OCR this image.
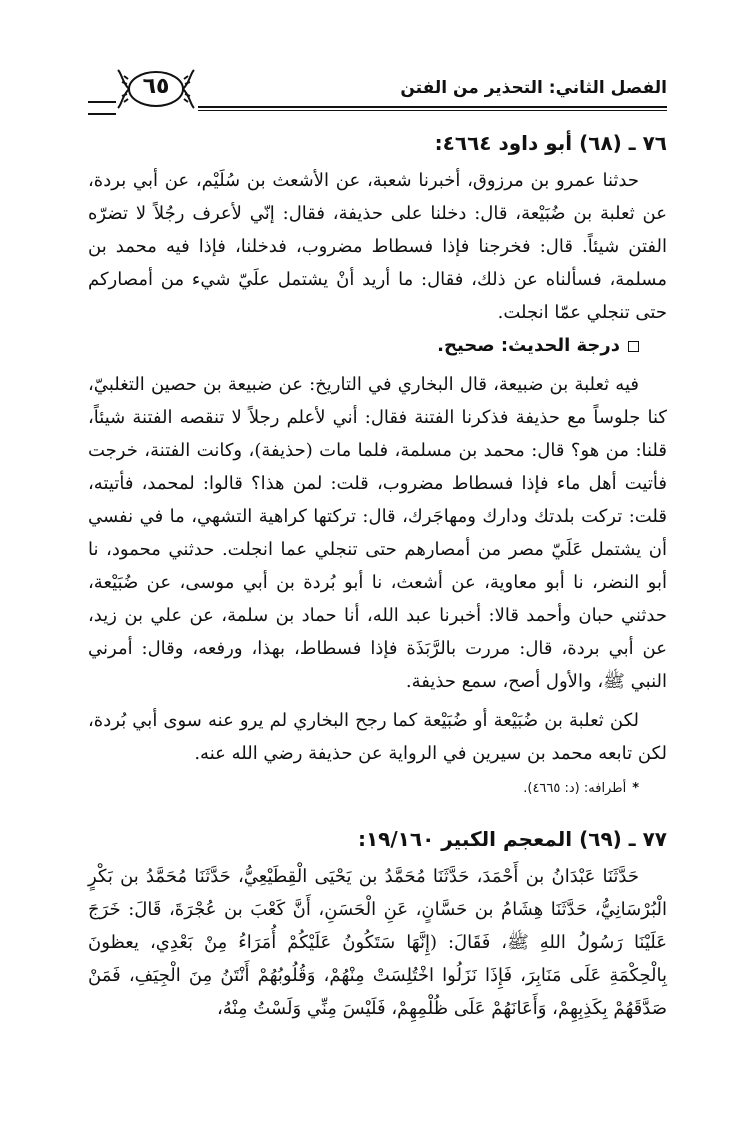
الفصل الثاني: التحذير من الفتن
٦٥
٧٦ ـ (٦٨) أبو داود ٤٦٦٤:

حدثنا عمرو بن مرزوق، أخبرنا شعبة، عن الأشعث بن سُلَيْم، عن أبي بردة، عن ثعلبة بن ضُبَيْعة، قال: دخلنا على حذيفة، فقال: إنّي لأعرف رجُلاً لا تضرّه الفتن شيئاً. قال: فخرجنا فإذا فسطاط مضروب، فدخلنا، فإذا فيه محمد بن مسلمة، فسألناه عن ذلك، فقال: ما أريد أنْ يشتمل علَيّ شيء من أمصاركم حتى تنجلي عمّا انجلت.

درجة الحديث: صحيح.

فيه ثعلبة بن ضبيعة، قال البخاري في التاريخ: عن ضبيعة بن حصين التغلبيّ، كنا جلوساً مع حذيفة فذكرنا الفتنة فقال: أني لأعلم رجلاً لا تنقصه الفتنة شيئاً، قلنا: من هو؟ قال: محمد بن مسلمة، فلما مات (حذيفة)، وكانت الفتنة، خرجت فأتيت أهل ماء فإذا فسطاط مضروب، قلت: لمن هذا؟ قالوا: لمحمد، فأتيته، قلت: تركت بلدتك ودارك ومهاجَرك، قال: تركتها كراهية التشهي، ما في نفسي أن يشتمل عَلَيّ مصر من أمصارهم حتى تنجلي عما انجلت. حدثني محمود، نا أبو النضر، نا أبو معاوية، عن أشعث، نا أبو بُردة بن أبي موسى، عن ضُبَيْعة، حدثني حبان وأحمد قالا: أخبرنا عبد الله، أنا حماد بن سلمة، عن علي بن زيد، عن أبي بردة، قال: مررت بالرَّبَذَة فإذا فسطاط، بهذا، ورفعه، وقال: أمرني النبي ﷺ، والأول أصح، سمع حذيفة.

لكن ثعلبة بن ضُبَيْعة أو ضُبَيْعة كما رجح البخاري لم يرو عنه سوى أبي بُردة، لكن تابعه محمد بن سيرين في الرواية عن حذيفة رضي الله عنه.

*أطرافه: (د: ٤٦٦٥).

٧٧ ـ (٦٩) المعجم الكبير ١٩/١٦٠:

حَدَّثَنَا عَبْدَانُ بن أَحْمَدَ، حَدَّثَنَا مُحَمَّدُ بن يَحْيَى الْقِطَيْعِيُّ، حَدَّثَنَا مُحَمَّدُ بن بَكْرٍ الْبُرْسَانِيُّ، حَدَّثَنَا هِشَامُ بن حَسَّانٍ، عَنِ الْحَسَنِ، أَنَّ كَعْبَ بن عُجْرَةَ، قَالَ: خَرَجَ عَلَيْنَا رَسُولُ اللهِ ﷺ، فَقَالَ: (إِنَّهَا سَتَكُونُ عَلَيْكُمْ أُمَرَاءُ مِنْ بَعْدِي، يعظونَ بِالْحِكْمَةِ عَلَى مَنَابِرَ، فَإِذَا نَزَلُوا اخْتُلِسَتْ مِنْهُمْ، وَقُلُوبُهُمْ أَنْتَنُ مِنَ الْجِيَفِ، فَمَنْ صَدَّقَهُمْ بِكَذِبِهِمْ، وَأَعَانَهُمْ عَلَى ظُلْمِهِمْ، فَلَيْسَ مِنِّي وَلَسْتُ مِنْهُ،
